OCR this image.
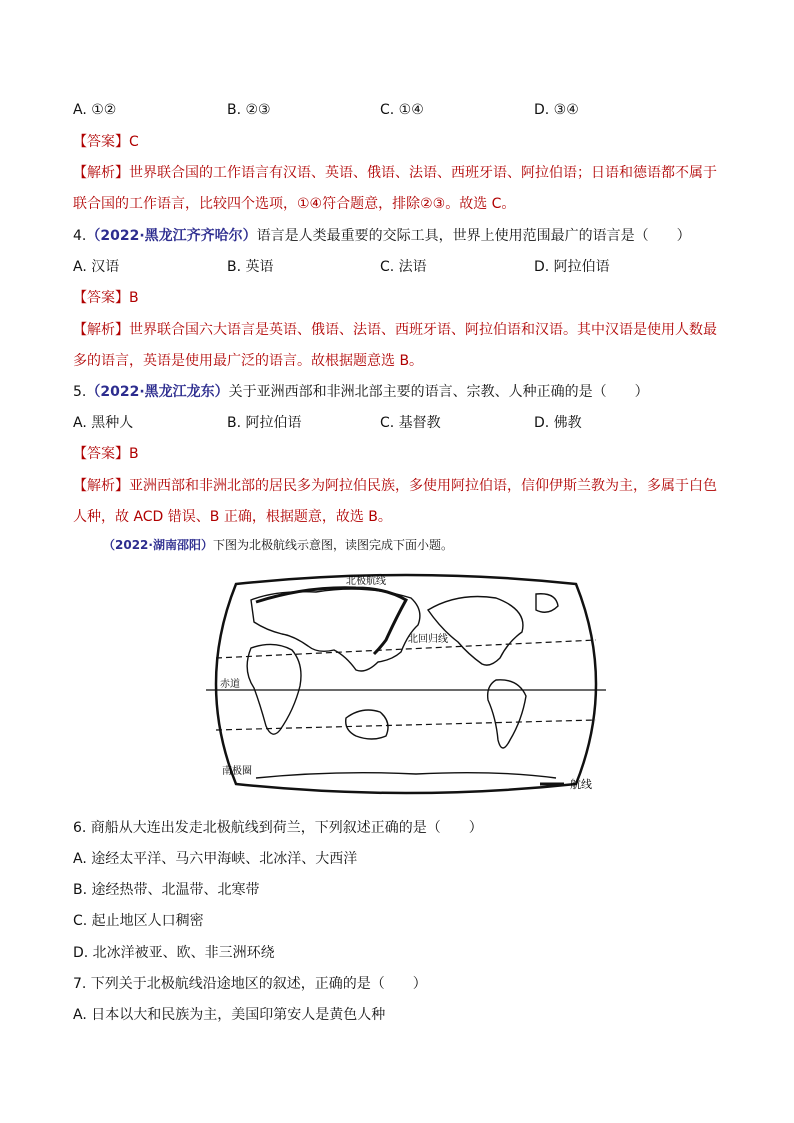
A. ①②	B. ②③	C. ①④	D. ③④
【答案】C
【解析】世界联合国的工作语言有汉语、英语、俄语、法语、西班牙语、阿拉伯语；日语和德语都不属于
联合国的工作语言，比较四个选项，①④符合题意，排除②③。故选 C。
4.（2022·黑龙江齐齐哈尔）语言是人类最重要的交际工具，世界上使用范围最广的语言是（　　）
A. 汉语	B. 英语	C. 法语	D. 阿拉伯语
【答案】B
【解析】世界联合国六大语言是英语、俄语、法语、西班牙语、阿拉伯语和汉语。其中汉语是使用人数最
多的语言，英语是使用最广泛的语言。故根据题意选 B。
5.（2022·黑龙江龙东）关于亚洲西部和非洲北部主要的语言、宗教、人种正确的是（　　）
A. 黑种人	B. 阿拉伯语	C. 基督教	D. 佛教
【答案】B
【解析】亚洲西部和非洲北部的居民多为阿拉伯民族，多使用阿拉伯语，信仰伊斯兰教为主，多属于白色
人种，故 ACD 错误、B 正确，根据题意，故选 B。
（2022·湖南邵阳）下图为北极航线示意图，读图完成下面小题。
北极航线
北回归线
赤道
南极圈
航线
6. 商船从大连出发走北极航线到荷兰，下列叙述正确的是（　　）
A. 途经太平洋、马六甲海峡、北冰洋、大西洋
B. 途经热带、北温带、北寒带
C. 起止地区人口稠密
D. 北冰洋被亚、欧、非三洲环绕
7. 下列关于北极航线沿途地区的叙述，正确的是（　　）
A. 日本以大和民族为主，美国印第安人是黄色人种
